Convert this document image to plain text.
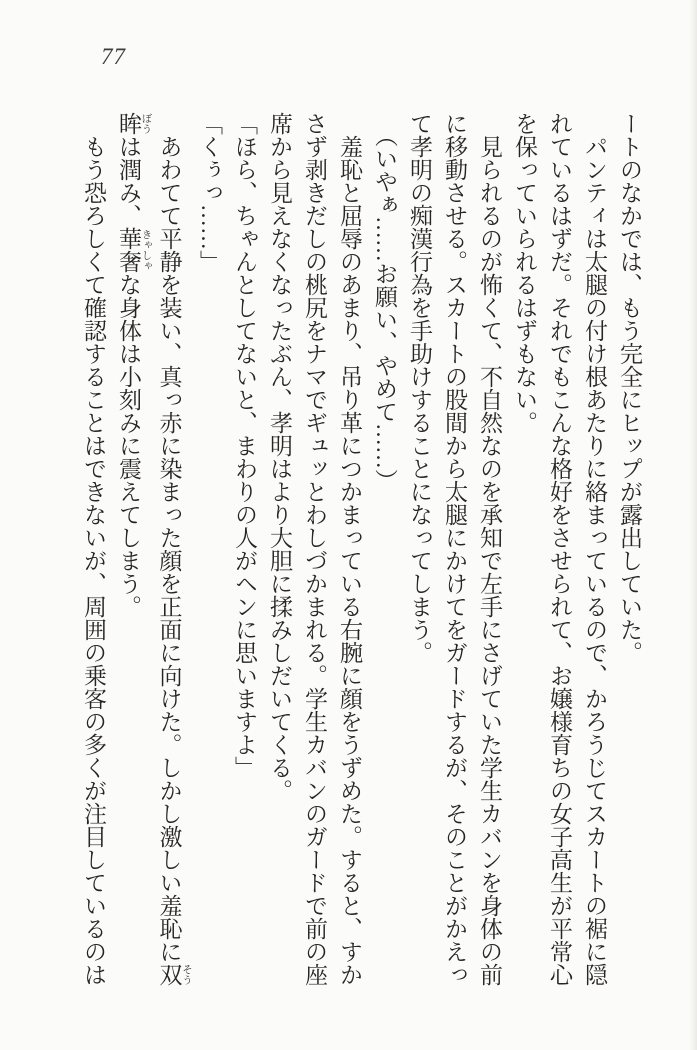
77
ートのなかでは、もう完全にヒップが露出していた。
パンティは太腿の付け根あたりに絡まっているので、かろうじてスカートの裾に隠
れているはずだ。それでもこんな格好をさせられて、お嬢様育ちの女子高生が平常心
を保っていられるはずもない。
見られるのが怖くて、不自然なのを承知で左手にさげていた学生カバンを身体の前
に移動させる。スカートの股間から太腿にかけてをガードするが、そのことがかえっ
て孝明の痴漢行為を手助けすることになってしまう。
（いやぁ……お願い、やめて……）
羞恥と屈辱のあまり、吊り革につかまっている右腕に顔をうずめた。すると、すか
さず剥きだしの桃尻をナマでギュッとわしづかまれる。学生カバンのガードで前の座
席から見えなくなったぶん、孝明はより大胆に揉みしだいてくる。
「ほら、ちゃんとしてないと、まわりの人がヘンに思いますよ」
「くぅっ……」
あわてて平静を装い、真っ赤に染まった顔を正面に向けた。しかし激しい羞恥に双 そう
眸 ぼうは潤み、華奢 きゃしゃな身体は小刻みに震えてしまう。
もう恐ろしくて確認することはできないが、周囲の乗客の多くが注目しているのは
